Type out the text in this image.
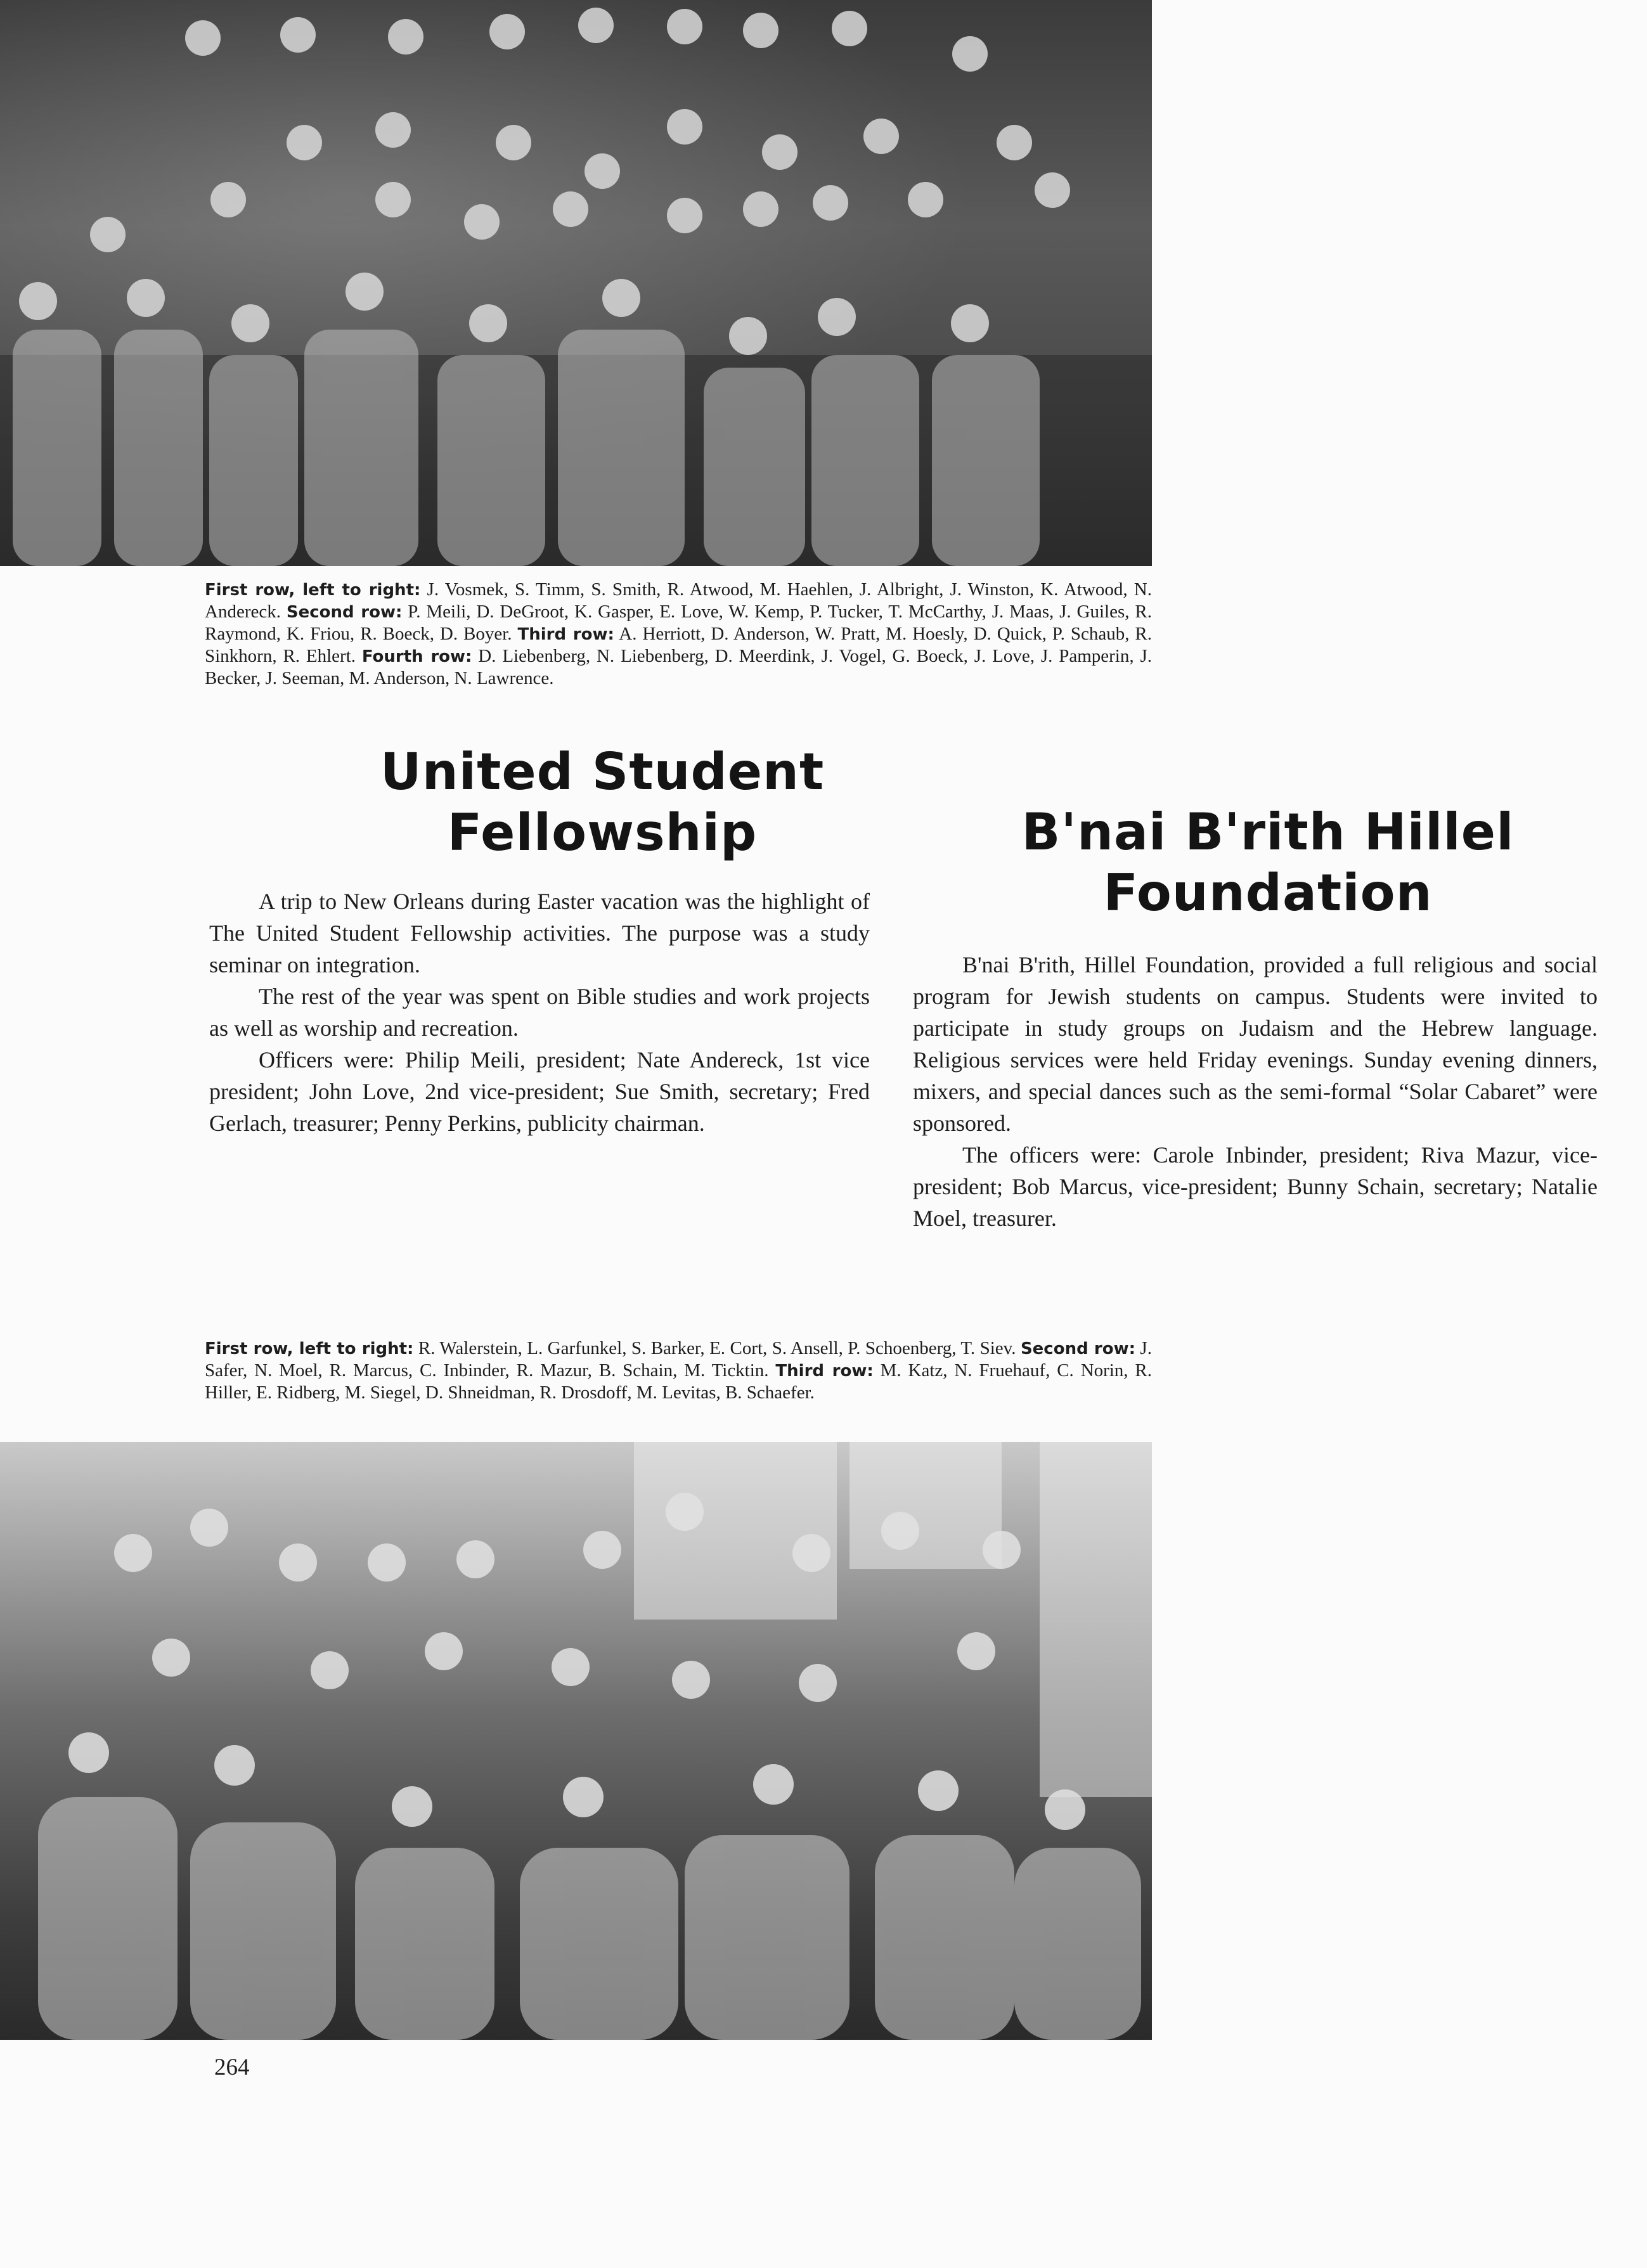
First row, left to right: J. Vosmek, S. Timm, S. Smith, R. Atwood, M. Haehlen, J. Albright, J. Winston, K. Atwood, N. Andereck. Second row: P. Meili, D. DeGroot, K. Gasper, E. Love, W. Kemp, P. Tucker, T. McCarthy, J. Maas, J. Guiles, R. Raymond, K. Friou, R. Boeck, D. Boyer. Third row: A. Herriott, D. Anderson, W. Pratt, M. Hoesly, D. Quick, P. Schaub, R. Sinkhorn, R. Ehlert. Fourth row: D. Liebenberg, N. Liebenberg, D. Meerdink, J. Vogel, G. Boeck, J. Love, J. Pamperin, J. Becker, J. Seeman, M. Anderson, N. Lawrence.
United Student
Fellowship

A trip to New Orleans during Easter vacation was the highlight of The United Student Fellowship activities. The purpose was a study seminar on integration.

The rest of the year was spent on Bible studies and work projects as well as worship and recreation.

Officers were: Philip Meili, president; Nate Andereck, 1st vice president; John Love, 2nd vice-president; Sue Smith, secretary; Fred Gerlach, treasurer; Penny Perkins, publicity chairman.

B'nai B'rith Hillel
Foundation

B'nai B'rith, Hillel Foundation, provided a full religious and social program for Jewish students on campus. Students were invited to participate in study groups on Judaism and the Hebrew language. Religious services were held Friday evenings. Sunday evening dinners, mixers, and special dances such as the semi-formal “Solar Cabaret” were sponsored.

The officers were: Carole Inbinder, president; Riva Mazur, vice-president; Bob Marcus, vice-president; Bunny Schain, secretary; Natalie Moel, treasurer.

First row, left to right: R. Walerstein, L. Garfunkel, S. Barker, E. Cort, S. Ansell, P. Schoenberg, T. Siev. Second row: J. Safer, N. Moel, R. Marcus, C. Inbinder, R. Mazur, B. Schain, M. Ticktin. Third row: M. Katz, N. Fruehauf, C. Norin, R. Hiller, E. Ridberg, M. Siegel, D. Shneidman, R. Drosdoff, M. Levitas, B. Schaefer.
264
